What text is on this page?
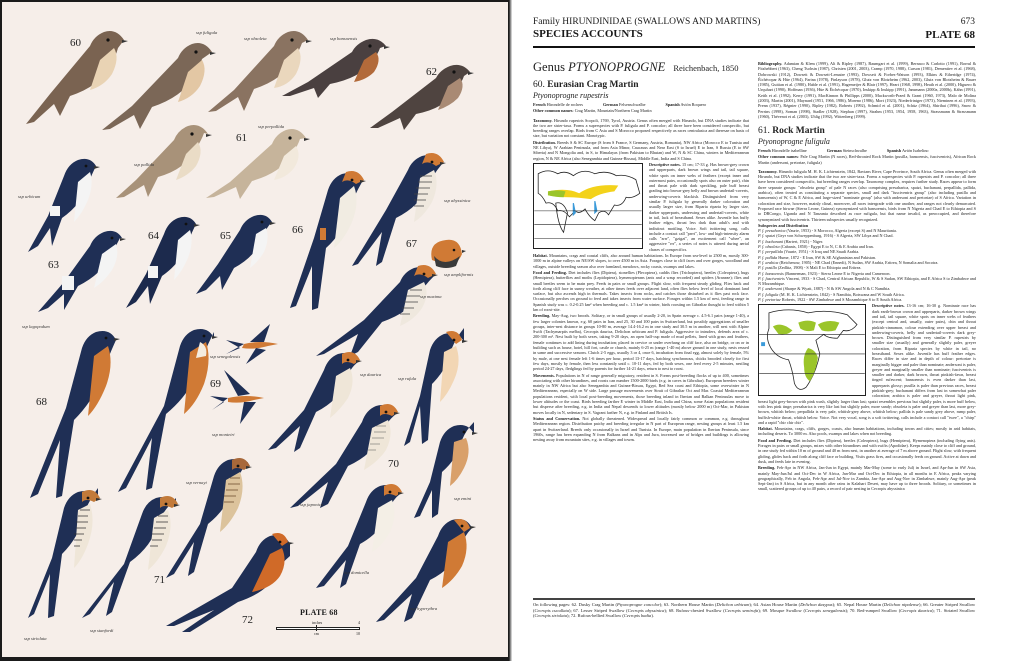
60
61
62
63
64	65	66
67
68
69
70
71
72
ssp fuligula
ssp obsoleta	ssp bansoensis
ssp perpallida
ssp pallida
ssp urbicum
ssp lagopodum
ssp abyssinica
ssp ampliformis
ssp maxima
ssp senegalensis
ssp monteiri
ssp daurica
ssp rufula
ssp vernayi
ssp japonica
ssp emini
ssp domicella
ssp hyperythra
ssp striolata
ssp stanfordi
PLATE 68
inches	4
cm	10
Family HIRUNDINIDAE (SWALLOWS AND MARTINS)
SPECIES ACCOUNTS
673
PLATE 68
Genus PTYONOPROGNE Reichenbach, 1850
60. Eurasian Crag Martin
Ptyonoprogne rupestris
French Hirondelle de rochers	German Felsenschwalbe	Spanish Avión Roquero
Other common names: Crag Martin, Mountain/Northern Crag Martin
Taxonomy. Hirundo rupestris Scopoli, 1769, Tyrol, Austria. Genus often merged with Hirundo, but DNA studies indicate that the two are sister-taxa. Forms a superspecies with P. fuligula and P. concolor; all three have been considered conspecific, but breeding ranges overlap. Birds from C Asia and S Morocco proposed respectively as races centralasica and theresae on basis of size, but variation not constant. Monotypic.
Distribution. Breeds S & SC Europe (S from S France, S Germany, Austria, Romania), NW Africa (Morocco E to Tunisia and NE Libya), W Arabian Peninsula, and from Asia Minor, Caucasus and Near East (S to Israel) E to Iran, S Russia (E to SW Siberia) and N Mongolia and, in S, to Himalayas (from Pakistan to Bhutan) and W, N & SC China, winters in Mediterranean region, N & NE Africa (also Senegambia and Guinea-Bissau), Middle East, India and S China.
Descriptive notes. 15 cm; 17-33 g. Has brown-grey crown and upperparts, dark brown wings and tail, tail square, white spots on inner webs of feathers (except inner and outermost pairs, occasionally spots also on outer pair), chin and throat pale with dark speckling, pale buff breast grading into brown-grey belly and brown undertail-coverts, underwing-coverts blackish. Distinguished from very similar P. fuligula by generally darker coloration and usually larger size, from Riparia riparia by larger size, darker upperparts, underwing and undertail-coverts, white in tail, lack of breastband. Sexes alike. Juvenile has buffy feather edges, throat less dark than adult's and with indistinct mottling. Voice. Soft twittering song, calls include a contact call "prrrt", low- and high-intensity alarm calls "zrrr", "gzigzi", an excitement call "whee", an aggressive "rrr", a series of notes is uttered during aerial chases of conspecifics.
Habitat. Mountains, crags and coastal cliffs, also around human habitations. In Europe from sea-level to 2500 m, mostly 300-1000 m in alpine valleys on NE/SW slopes, to over 4500 m in Asia. Forages close to cliff faces and over gorges, woodland and villages, outside breeding season also over farmland, meadows, rocky coasts, swamps and lakes.
Food and Feeding. Diet includes flies (Diptera), stoneflies (Plecoptera), caddis flies (Trichoptera), beetles (Coleoptera), bugs (Hemiptera), butterflies and moths (Lepidoptera), hymenopterans (ants and a wasp recorded) and spiders (Araneae); flies and small beetles seem to be main prey. Feeds in pairs or small groups. Flight slow, with frequent steady gliding. Flies back and forth along cliff face in sunny weather, at other times feeds over adjacent land, often flies below level of local dominant land surface, but also ascends high in thermals. Takes insects from rocks, and catches those disturbed as it flies past rock face. Occasionally perches on ground to feed and takes insects from water surface. Forages within 1.5 km of nest, feeding range in Spanish study was c. 0.2-0.25 km² when breeding and c. 1.5 km² in winter, birds roosting on Gibraltar thought to feed within 5 km of roost-site.
Breeding. May-Aug, two broods. Solitary, or in small groups of usually 2-20, in Spain average c. 4.5-6.1 pairs (range 1-40), a few larger colonies known, e.g. 60 pairs in Iran, and 25, 30 and 100 pairs in Switzerland, but possibly aggregations of smaller groups, inter-nest distance in groups 10-80 m, average 14.4-16.2 m in one study and 30.5 m in another, will nest with Alpine Swift (Tachymarptis melba), Cecropis daurica, Delichon urbicum and P. fuligula. Aggressive to intruders, defends area of c. 200-300 m². Nest built by both sexes, taking 9-20 days, an open half-cup made of mud pellets, lined with grass and feathers, female continues to add lining during incubation; placed in crevice or under overhang on cliff face, also on bridge, or on or in building such as house, hotel, hill fort, castle or church, mainly 6-25 m (range 1-40 m) above ground in one study, nests reused in same and successive seasons. Clutch 2-5 eggs, usually 3 or 4, once 6, incubation from final egg, almost solely by female, 5% by male, at one nest female left 1-6 times per hour, period 13-17 days, hatching synchronous, chicks brooded closely for first few days, mostly by female, then less constantly until c. 10-11 days, fed by both sexes, one feed every 2-5 minutes, nestling period 24-27 days, fledglings fed by parents for further 14-21 days, return to nest to roost.
Movements. Populations in N of range generally migratory, resident in S. Forms post-breeding flocks of up to 400, sometimes associating with other hirundines, and roosts can number 1500-2000 birds (e.g. in caves in Gibraltar). European breeders winter mainly in NW Africa but also Senegambia and Guinea-Bissau, Egypt, Red Sea coast and Ethiopia, some overwinter in N Mediterranean, especially on W side. Large passage movements over Strait of Gibraltar Oct and Mar. Coastal Mediterranean populations resident, with local post-breeding movements, those breeding inland in Iberian and Balkan Peninsulas move to lower altitudes or the coast. Birds breeding farther E winter in Middle East, India and China, some Asian populations resident but disperse after breeding, e.g. in India and Nepal descends to lower altitudes (mostly below 2000 m) Oct-Mar, in Pakistan moves locally in N, sedentary in S. Vagrant farther N, e.g. in Finland and British Is.
Status and Conservation. Not globally threatened. Widespread and locally fairly common or common, e.g. throughout Mediterranean region. Distribution patchy and breeding irregular in N part of European range, nesting groups at least 1.5 km apart in Switzerland. Breeds only occasionally in Israel and Tunisia. In Europe, main population in Iberian Peninsula, since 1960s, range has been expanding N from Balkans and in Alps and Jura, increased use of bridges and buildings is allowing nesting away from mountain sites, e.g. in villages and towns.
Bibliography. Adamian & Klem (1999), Ali & Ripley (1987), Baumgart et al. (1999), Bernaco & Carlotto (1991), Borrul & Fitzhebbert (1963), Cheng Tsohsin (1987), Christen (2001, 2003), Cramp (1970, 1988), Curson (1981), Dementiev et al. (1968), Dobrowski (1912), Dowsett & Dowsett-Lemaire (1993), Dowsett & Forbes-Watson (1993), Elkins & Etheridge (1974), Étchécopar & Hüe (1964), Farina (1978), Finlayson (1978), Glutz von Blotzheim (1962, 2003), Glutz von Blotzheim & Bauer (1985), Guitian et al. (1980), Hable et al. (1991), Hagemeijer & Blair (1997), Heart (1968, 1998), Heath et al. (2000), Higuero & Urquhart (1990), Hoffman (1936), Hüe & Étchécopar (1970), Inskipp & Inskipp (1991), Jansmann (2000a, 2000b), Kähn (1991), Keith et al. (1992), Kerry (1991), MacKinnon & Phillipps (2000), Mackworth-Praed & Grant (1960, 1973), Malo de Molina (2003), Martin (2001), Maynard (1951, 1966, 1986), Moreno (1986), Mort (1923), Niederfriniger (1973), Nieminen et al. (1993), Prenn (1937), Régnier (1990), Ripley (1982), Roberts (1992), Schmid et al. (2001), Schüz (1964), Shirihai (1996), Snow & Perrins (1998), Soman (1998), Stadler (1928), Stephan (1997), Strahm (1953, 1954, 1958, 1963), Strassmann & Strassmann (1960), Thévenot et al. (2003), Uhlig (1992), Wittenberg (1999).
61. Rock Martin
Ptyonoprogne fuligula
French Hirondelle isabelline	German Steinschwalbe	Spanish Avión Isabelino
Other common names: Pale Crag Martin (N races), Red-throated Rock Martin (pusilla, bansoensis, fusciventris), African Rock Martin (andersoni, pretoriae, fuligula)
Taxonomy. Hirundo fuligula M. H. K. Lichtenstein, 1842, Bavians River, Cape Province, South Africa. Genus often merged with Hirundo, but DNA studies indicate that the two are sister-taxa. Forms a superspecies with P. rupestris and P. concolor; all three have been considered conspecific, but breeding ranges overlap. Taxonomy complex, requires further study. Races appear to form three separate groups: "obsoleta group" of pale N races (also comprising presaharica, spatzi, buchanani, perpallida, pallida, arabica), often treated as constituting a separate species, small and dark "fusciventris group" (also including pusilla and bansoensis) of W, C & E Africa, and large-sized "nominate group" (also with andersoni and pretoriae) of S Africa. Variation in coloration and size, however, mainly clinal, moreover, all races intergrade with one another, and ranges not clearly demarcated. Proposed race birwae (Sierra Leone, Guinea) synonymized with bansoensis, birds from N Nigeria and Chad E to Ethiopia and S to DRCongo, Uganda and N Tanzania described as race rufigula, but that name invalid, as preoccupied, and therefore synonymized with fusciventris. Thirteen subspecies usually recognized.
Subspecies and Distribution
P. f. presaharica (Vaurie, 1953) - S Morocco, Algeria (except S) and N Mauritania.
P. f. spatzi (Geyr von Schweppenburg, 1916) - S Algeria, SW Libya and N Chad.
P. f. buchanani (Hartert, 1921) - Niger.
P. f. obsoleta (Cabanis, 1850) - Egypt E to N, C & E Arabia and Iran.
P. f. perpallida (Vaurie, 1951) - S Iraq and NE Saudi Arabia.
P. f. pallida Hume, 1872 - E Iran, SW & SE Afghanistan and Pakistan.
P. f. arabica (Reichenow, 1905) - NE Chad (Ennedi), N Sudan, SW Arabia, Eritrea, N Somalia and Socotra.
P. f. pusilla (Zedlitz, 1908) - S Mali E to Ethiopia and Eritrea.
P. f. bansoensis (Bannerman, 1923) - Sierra Leone E to Nigeria and Cameroon.
P. f. fusciventris Vincent, 1933 - S Chad, Central African Republic, W & S Sudan, SW Ethiopia, and E Africa S to Zimbabwe and N Mozambique.
P. f. andersoni (Sharpe & Wyatt, 1887) - N & SW Angola and N & C Namibia.
P. f. fuligula (M. H. K. Lichtenstein, 1842) - S Namibia, Botswana and W South Africa.
P. f. pretoriae Roberts, 1922 - SW Zimbabwe and S Mozambique S to E South Africa.
Descriptive notes. 13-16 cm; 16-30 g. Nominate race has dark earth-brown crown and upperparts, darker brown wings and tail, tail square, white spots on inner webs of feathers (except central and, usually, outer pairs), chin and throat pinkish-cinnamon, colour extending over upper breast and underwing-coverts, belly and undertail-coverts dark grey-brown. Distinguished from very similar P. rupestris by smaller size (usually) and generally slightly paler, greyer coloration, from Riparia species by white in tail, no breastband. Sexes alike. Juvenile has buff feather edges. Races differ in size and in depth of colour: pretoriae is marginally bigger and paler than nominate; andersoni is paler, greyer and marginally smaller than nominate; fusciventris is smaller and darker, dark brown, throat pinkish-fawn, breast tinged rufescent; bansoensis is even darker than last, upperparts glossy; pusilla is paler than previous races, breast pinkish-grey; buchanani differs from last in somewhat paler coloration; arabica is paler and greyer, throat light pink, breast light grey-brown with pink wash, slightly larger than last; spatzi resembles previous but slightly paler, is more buff below, with less pink tinge; presaharica is very like last but slightly paler, more sandy; obsoleta is paler and greyer than last, more grey-brown, whitish below; perpallida is very pale, whitish-grey above, whitish below; pallida is pale sandy grey above, rump paler, buffish-white throat, whitish below. Voice. Not very vocal, song is a soft twittering, calls include a contact call "twee", a "chirp" and a rapid "chir chir chir".
Habitat. Mountains, crags, cliffs, gorges, coasts, also human habitations, including towns and cities; mostly in arid habitats, including deserts. To 3000 m. Also pools, swamps and lakes when not breeding.
Food and Feeding. Diet includes flies (Diptera), beetles (Coleoptera), bugs (Hemiptera), Hymenoptera (including flying ants). Forages in pairs or small groups, mixes with other hirundines and with swifts (Apodidae). Keeps mainly close to cliff and ground, in one study fed within 10 m of ground and 40 m from nest, in another at average of 7 m above ground. Flight slow, with frequent gliding, glides back and forth along cliff face or building. Visits grass fires, and occasionally feeds on ground. Active at dawn and dusk, and feeds late in evening.
Breeding. Feb-Apr in NW Africa, Jan-Jun in Egypt, mainly Mar-May (some to early Jul) in Israel, and Apr-Jun in SW Asia, mainly May-Jun/Jul and Oct-Dec in W Africa, Jan-Mar and Oct-Dec in Ethiopia, in all months in E Africa, peaks varying geographically, Feb in Angola, Feb-Apr and Jul-Nov in Zambia, Jan-Apr and Aug-Nov in Zimbabwe, mainly Aug-Apr (peak Sept-Jan) in S Africa, but in any month after rains in Kalahari Desert, may have up to three broods. Solitary, or sometimes in small, scattered groups of up to 40 pairs, a record of pair nesting in Cecropis abyssinica
On following pages: 62. Dusky Crag Martin (Ptyonoprogne concolor); 63. Northern House Martin (Delichon urbicum); 64. Asian House Martin (Delichon dasypus); 65. Nepal House Martin (Delichon nipalense); 66. Greater Striped Swallow (Cecropis cucullata); 67. Lesser Striped Swallow (Cecropis abyssinica); 68. Rufous-chested Swallow (Cecropis semirufa); 69. Mosque Swallow (Cecropis senegalensis); 70. Red-rumped Swallow (Cecropis daurica); 71. Striated Swallow (Cecropis striolata); 72. Rufous-bellied Swallow (Cecropis badia).
